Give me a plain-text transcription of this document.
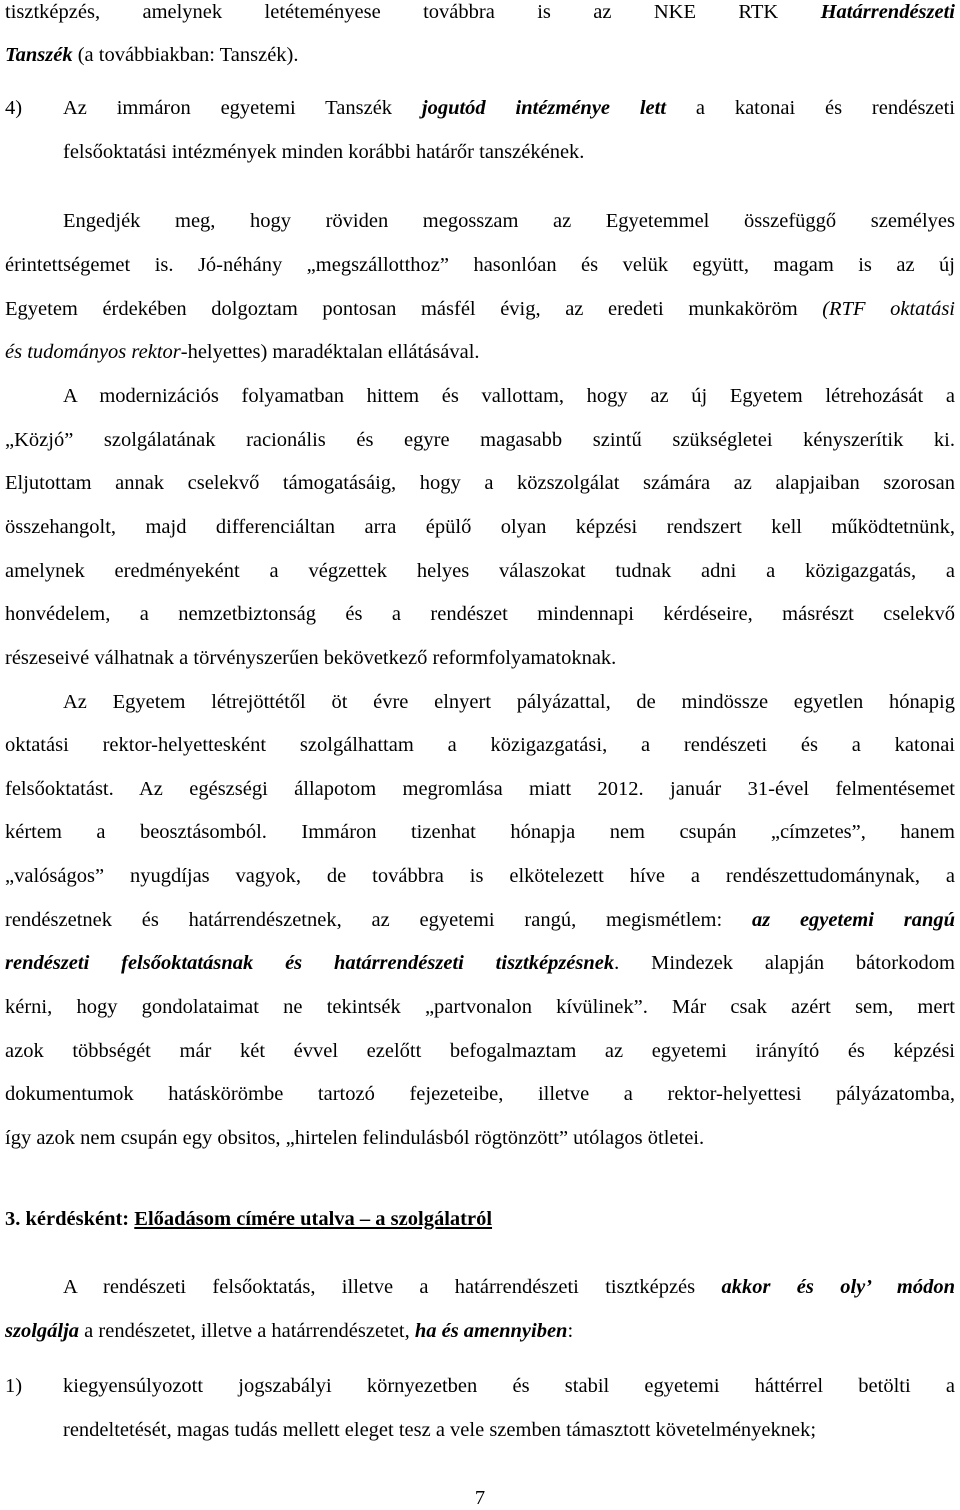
tisztképzés, amelynek letéteményese továbbra is az NKE RTK Határrendészeti
Tanszék (a továbbiakban: Tanszék).
4) Az immáron egyetemi Tanszék jogutód intézménye lett a katonai és rendészeti
felsőoktatási intézmények minden korábbi határőr tanszékének.
Engedjék meg, hogy röviden megosszam az Egyetemmel összefüggő személyes
érintettségemet is. Jó-néhány „megszállotthoz” hasonlóan és velük együtt, magam is az új
Egyetem érdekében dolgoztam pontosan másfél évig, az eredeti munkaköröm (RTF oktatási
és tudományos rektor-helyettes) maradéktalan ellátásával.
A modernizációs folyamatban hittem és vallottam, hogy az új Egyetem létrehozását a
„Közjó” szolgálatának racionális és egyre magasabb szintű szükségletei kényszerítik ki.
Eljutottam annak cselekvő támogatásáig, hogy a közszolgálat számára az alapjaiban szorosan
összehangolt, majd differenciáltan arra épülő olyan képzési rendszert kell működtetnünk,
amelynek eredményeként a végzettek helyes válaszokat tudnak adni a közigazgatás, a
honvédelem, a nemzetbiztonság és a rendészet mindennapi kérdéseire, másrészt cselekvő
részeseivé válhatnak a törvényszerűen bekövetkező reformfolyamatoknak.
Az Egyetem létrejöttétől öt évre elnyert pályázattal, de mindössze egyetlen hónapig
oktatási rektor-helyettesként szolgálhattam a közigazgatási, a rendészeti és a katonai
felsőoktatást. Az egészségi állapotom megromlása miatt 2012. január 31-ével felmentésemet
kértem a beosztásomból. Immáron tizenhat hónapja nem csupán „címzetes”, hanem
„valóságos” nyugdíjas vagyok, de továbbra is elkötelezett híve a rendészettudománynak, a
rendészetnek és határrendészetnek, az egyetemi rangú, megismétlem: az egyetemi rangú
rendészeti felsőoktatásnak és határrendészeti tisztképzésnek. Mindezek alapján bátorkodom
kérni, hogy gondolataimat ne tekintsék „partvonalon kívülinek”. Már csak azért sem, mert
azok többségét már két évvel ezelőtt befogalmaztam az egyetemi irányító és képzési
dokumentumok hatáskörömbe tartozó fejezeteibe, illetve a rektor-helyettesi pályázatomba,
így azok nem csupán egy obsitos, „hirtelen felindulásból rögtönzött” utólagos ötletei.
3. kérdésként: Előadásom címére utalva – a szolgálatról
A rendészeti felsőoktatás, illetve a határrendészeti tisztképzés akkor és oly’ módon
szolgálja a rendészetet, illetve a határrendészetet, ha és amennyiben:
1) kiegyensúlyozott jogszabályi környezetben és stabil egyetemi háttérrel betölti a
rendeltetését, magas tudás mellett eleget tesz a vele szemben támasztott követelményeknek;
7
